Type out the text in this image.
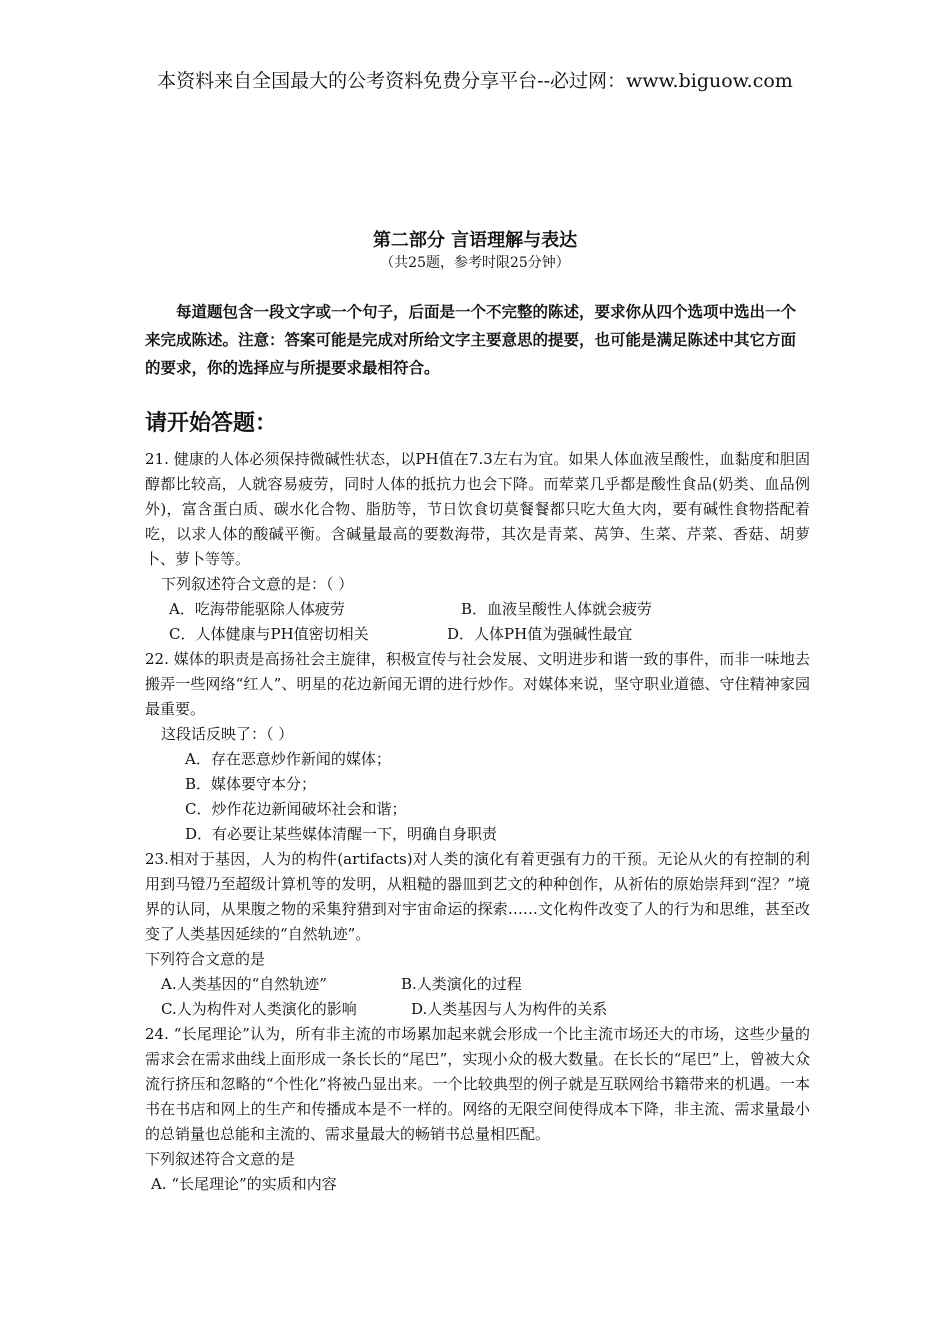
本资料来自全国最大的公考资料免费分享平台--必过网：www.biguow.com
第二部分 言语理解与表达
（共25题，参考时限25分钟）

每道题包含一段文字或一个句子，后面是一个不完整的陈述，要求你从四个选项中选出一个来完成陈述。注意：答案可能是完成对所给文字主要意思的提要，也可能是满足陈述中其它方面的要求，你的选择应与所提要求最相符合。

请开始答题：

21. 健康的人体必须保持微碱性状态，以PH值在7.3左右为宜。如果人体血液呈酸性，血黏度和胆固醇都比较高，人就容易疲劳，同时人体的抵抗力也会下降。而荤菜几乎都是酸性食品(奶类、血品例外)，富含蛋白质、碳水化合物、脂肪等，节日饮食切莫餐餐都只吃大鱼大肉，要有碱性食物搭配着吃，以求人体的酸碱平衡。含碱量最高的要数海带，其次是青菜、莴笋、生菜、芹菜、香菇、胡萝卜、萝卜等等。

下列叙述符合文意的是：（ ）

A．吃海带能驱除人体疲劳	B．血液呈酸性人体就会疲劳
C．人体健康与PH值密切相关	D．人体PH值为强碱性最宜

22. 媒体的职责是高扬社会主旋律，积极宣传与社会发展、文明进步和谐一致的事件，而非一味地去搬弄一些网络“红人”、明星的花边新闻无谓的进行炒作。对媒体来说，坚守职业道德、守住精神家园最重要。

这段话反映了：（ ）

A．存在恶意炒作新闻的媒体；

B．媒体要守本分；

C．炒作花边新闻破坏社会和谐；

D．有必要让某些媒体清醒一下，明确自身职责

23.相对于基因，人为的构件(artifacts)对人类的演化有着更强有力的干预。无论从火的有控制的利用到马镫乃至超级计算机等的发明，从粗糙的器皿到艺文的种种创作，从祈佑的原始崇拜到“涅？”境界的认同，从果腹之物的采集狩猎到对宇宙命运的探索……文化构件改变了人的行为和思维，甚至改变了人类基因延续的“自然轨迹”。

下列符合文意的是

A.人类基因的“自然轨迹”	B.人类演化的过程
C.人为构件对人类演化的影响	D.人类基因与人为构件的关系

24. “长尾理论”认为，所有非主流的市场累加起来就会形成一个比主流市场还大的市场，这些少量的需求会在需求曲线上面形成一条长长的“尾巴”，实现小众的极大数量。在长长的“尾巴”上，曾被大众流行挤压和忽略的“个性化”将被凸显出来。一个比较典型的例子就是互联网给书籍带来的机遇。一本书在书店和网上的生产和传播成本是不一样的。网络的无限空间使得成本下降，非主流、需求量最小的总销量也总能和主流的、需求量最大的畅销书总量相匹配。

下列叙述符合文意的是

A. “长尾理论”的实质和内容
